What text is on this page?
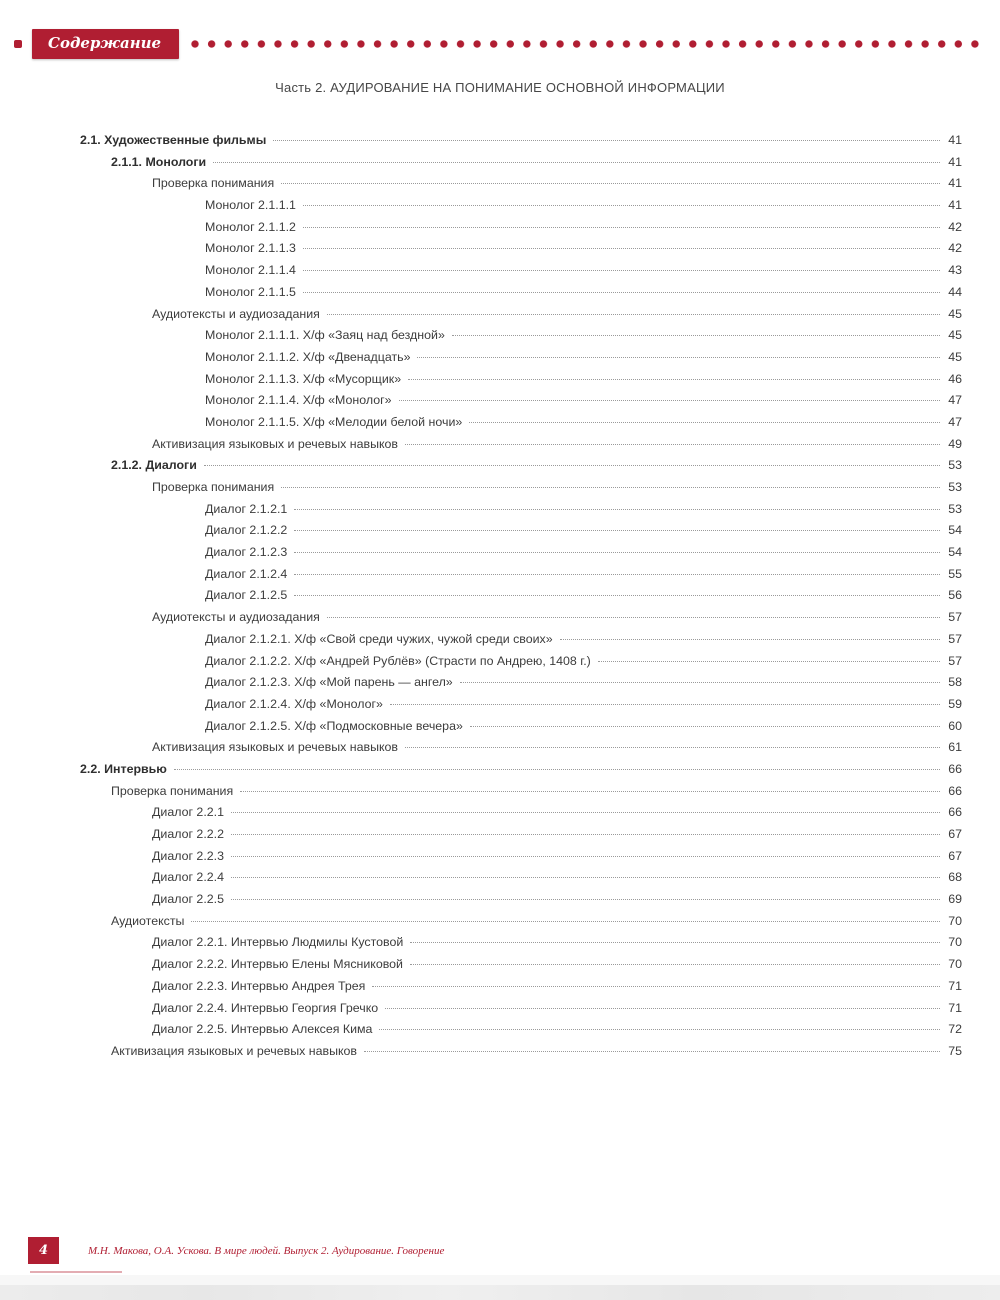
Содержание
Часть 2. АУДИРОВАНИЕ НА ПОНИМАНИЕ ОСНОВНОЙ ИНФОРМАЦИИ
2.1. Художественные фильмы	41
2.1.1. Монологи	41
Проверка понимания	41
Монолог 2.1.1.1	41
Монолог 2.1.1.2	42
Монолог 2.1.1.3	42
Монолог 2.1.1.4	43
Монолог 2.1.1.5	44
Аудиотексты и аудиозадания	45
Монолог 2.1.1.1. Х/ф «Заяц над бездной»	45
Монолог 2.1.1.2. Х/ф «Двенадцать»	45
Монолог 2.1.1.3. Х/ф «Мусорщик»	46
Монолог 2.1.1.4. Х/ф «Монолог»	47
Монолог 2.1.1.5. Х/ф «Мелодии белой ночи»	47
Активизация языковых и речевых навыков	49
2.1.2. Диалоги	53
Проверка понимания	53
Диалог 2.1.2.1	53
Диалог 2.1.2.2	54
Диалог 2.1.2.3	54
Диалог 2.1.2.4	55
Диалог 2.1.2.5	56
Аудиотексты и аудиозадания	57
Диалог 2.1.2.1. Х/ф «Свой среди чужих, чужой среди своих»	57
Диалог 2.1.2.2. Х/ф «Андрей Рублёв» (Страсти по Андрею, 1408 г.)	57
Диалог 2.1.2.3. Х/ф «Мой парень — ангел»	58
Диалог 2.1.2.4. Х/ф «Монолог»	59
Диалог 2.1.2.5. Х/ф «Подмосковные вечера»	60
Активизация языковых и речевых навыков	61
2.2. Интервью	66
Проверка понимания	66
Диалог 2.2.1	66
Диалог 2.2.2	67
Диалог 2.2.3	67
Диалог 2.2.4	68
Диалог 2.2.5	69
Аудиотексты	70
Диалог 2.2.1. Интервью Людмилы Кустовой	70
Диалог 2.2.2. Интервью Елены Мясниковой	70
Диалог 2.2.3. Интервью Андрея Трея	71
Диалог 2.2.4. Интервью Георгия Гречко	71
Диалог 2.2.5. Интервью Алексея Кима	72
Активизация языковых и речевых навыков	75
4	М.Н. Макова, О.А. Ускова. В мире людей. Выпуск 2. Аудирование. Говорение
